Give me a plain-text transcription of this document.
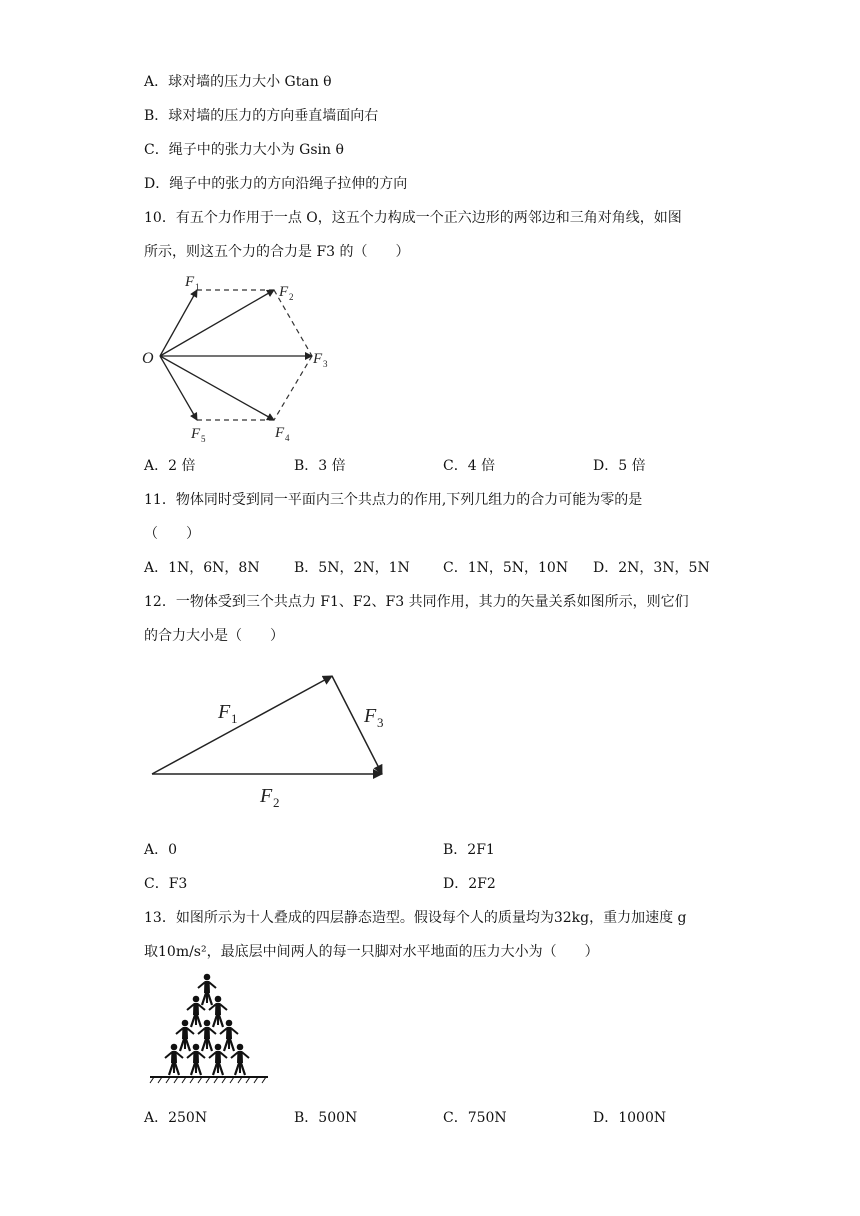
A．球对墙的压力大小 Gtan θ
B．球对墙的压力的方向垂直墙面向右
C．绳子中的张力大小为 Gsin θ
D．绳子中的张力的方向沿绳子拉伸的方向
10．有五个力作用于一点 O，这五个力构成一个正六边形的两邻边和三角对角线，如图
所示，则这五个力的合力是 F3 的（　　）
O
F 1	F 2
F 3
F 4
F 5
A．2 倍	B．3 倍	C．4 倍	D．5 倍
11．物体同时受到同一平面内三个共点力的作用,下列几组力的合力可能为零的是
（　　）
A．1N，6N，8N B．5N，2N，1N C．1N，5N，10N D．2N，3N，5N
12．一物体受到三个共点力 F1、F2、F3 共同作用，其力的矢量关系如图所示，则它们
的合力大小是（　　）
F 1
F 2
F 3
A．0	B．2F1
C．F3	D．2F2
13．如图所示为十人叠成的四层静态造型。假设每个人的质量均为32kg，重力加速度 g
取10m/s²，最底层中间两人的每一只脚对水平地面的压力大小为（　　）
A．250N	B．500N	C．750N	D．1000N
